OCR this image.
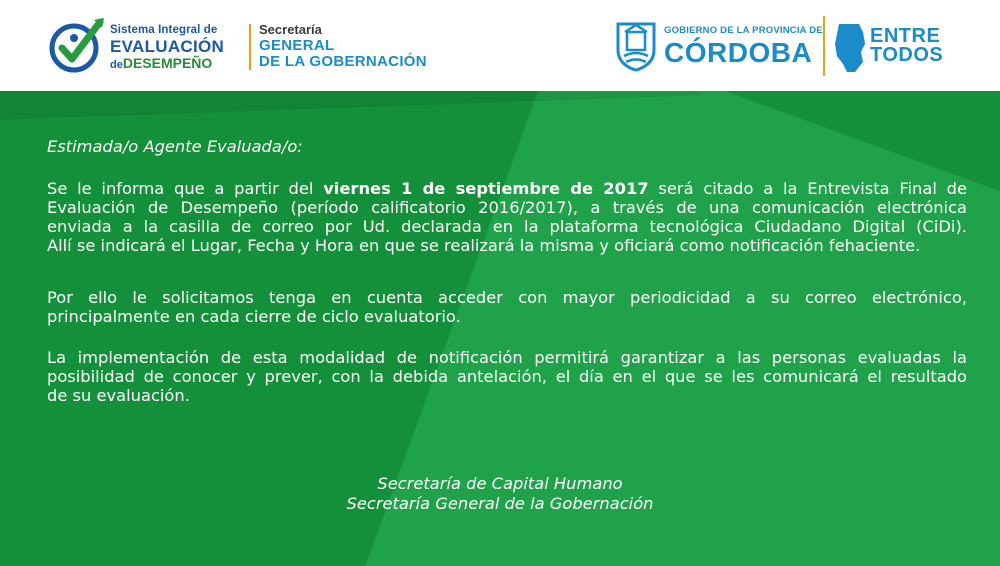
Sistema Integral de
EVALUACIÓN
deDESEMPEÑO
Secretaría
GENERAL
DE LA GOBERNACIÓN
GOBIERNO DE LA PROVINCIA DE
CÓRDOBA
ENTRE
TODOS
Estimada/o Agente Evaluada/o:
Se le informa que a partir del viernes 1 de septiembre de 2017 será citado a la Entrevista Final de
Evaluación de Desempeño (período calificatorio 2016/2017), a través de una comunicación electrónica
enviada a la casilla de correo por Ud. declarada en la plataforma tecnológica Ciudadano Digital (CiDi).
Allí se indicará el Lugar, Fecha y Hora en que se realizará la misma y oficiará como notificación fehaciente.
Por ello le solicitamos tenga en cuenta acceder con mayor periodicidad a su correo electrónico,
principalmente en cada cierre de ciclo evaluatorio.
La implementación de esta modalidad de notificación permitirá garantizar a las personas evaluadas la
posibilidad de conocer y prever, con la debida antelación, el día en el que se les comunicará el resultado
de su evaluación.
Secretaría de Capital Humano
Secretaría General de la Gobernación
